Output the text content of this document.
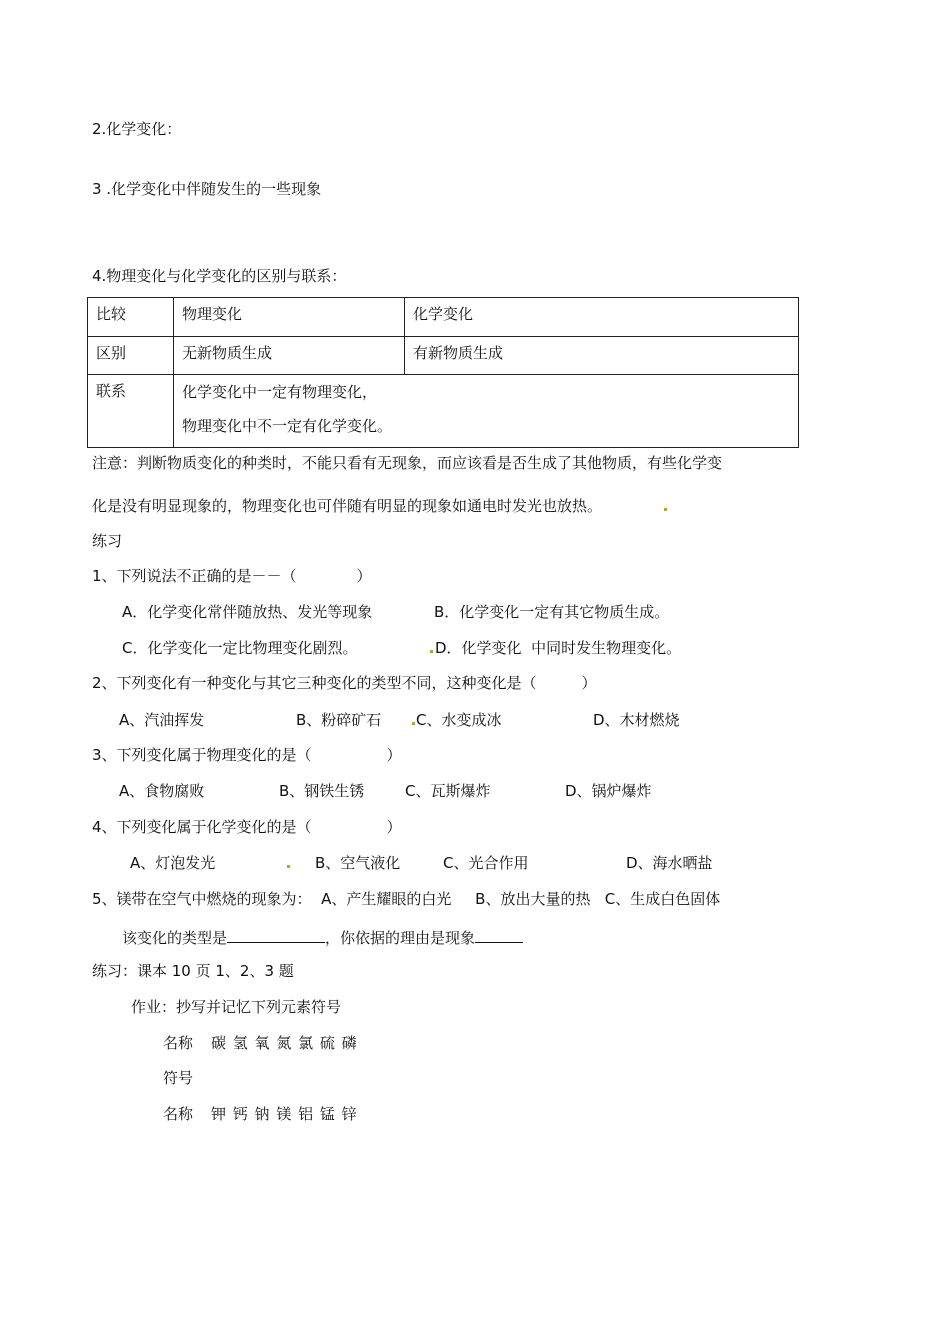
2.化学变化：
3 .化学变化中伴随发生的一些现象
4.物理变化与化学变化的区别与联系：
比较	物理变化	化学变化
区别	无新物质生成	有新物质生成
联系	化学变化中一定有物理变化，
物理变化中不一定有化学变化。	
注意：判断物质变化的种类时，不能只看有无现象，而应该看是否生成了其他物质，有些化学变
化是没有明显现象的，物理变化也可伴随有明显的现象如通电时发光也放热。
练习
1、下列说法不正确的是－－（　　　　）
A．化学变化常伴随放热、发光等现象	B．化学变化一定有其它物质生成。
C．化学变化一定比物理变化剧烈。	D．化学变化  中同时发生物理变化。
2、下列变化有一种变化与其它三种变化的类型不同，这种变化是（　　　）
A、汽油挥发	B、粉碎矿石 C、水变成冰	D、木材燃烧
3、下列变化属于物理变化的是（　　　　　）
A、食物腐败	B、钢铁生锈	C、瓦斯爆炸	D、锅炉爆炸
4、下列变化属于化学变化的是（　　　　　）
A、灯泡发光	B、空气液化	C、光合作用	D、海水晒盐
5、镁带在空气中燃烧的现象为：  A、产生耀眼的白光     B、放出大量的热   C、生成白色固体
该变化的类型是	，你依据的理由是现象
练习：课本 10 页 1、2、3 题
作业：抄写并记忆下列元素符号
名称 碳 氢 氧 氮 氯 硫 磷
符号
名称 钾 钙 钠 镁 铝 锰 锌
